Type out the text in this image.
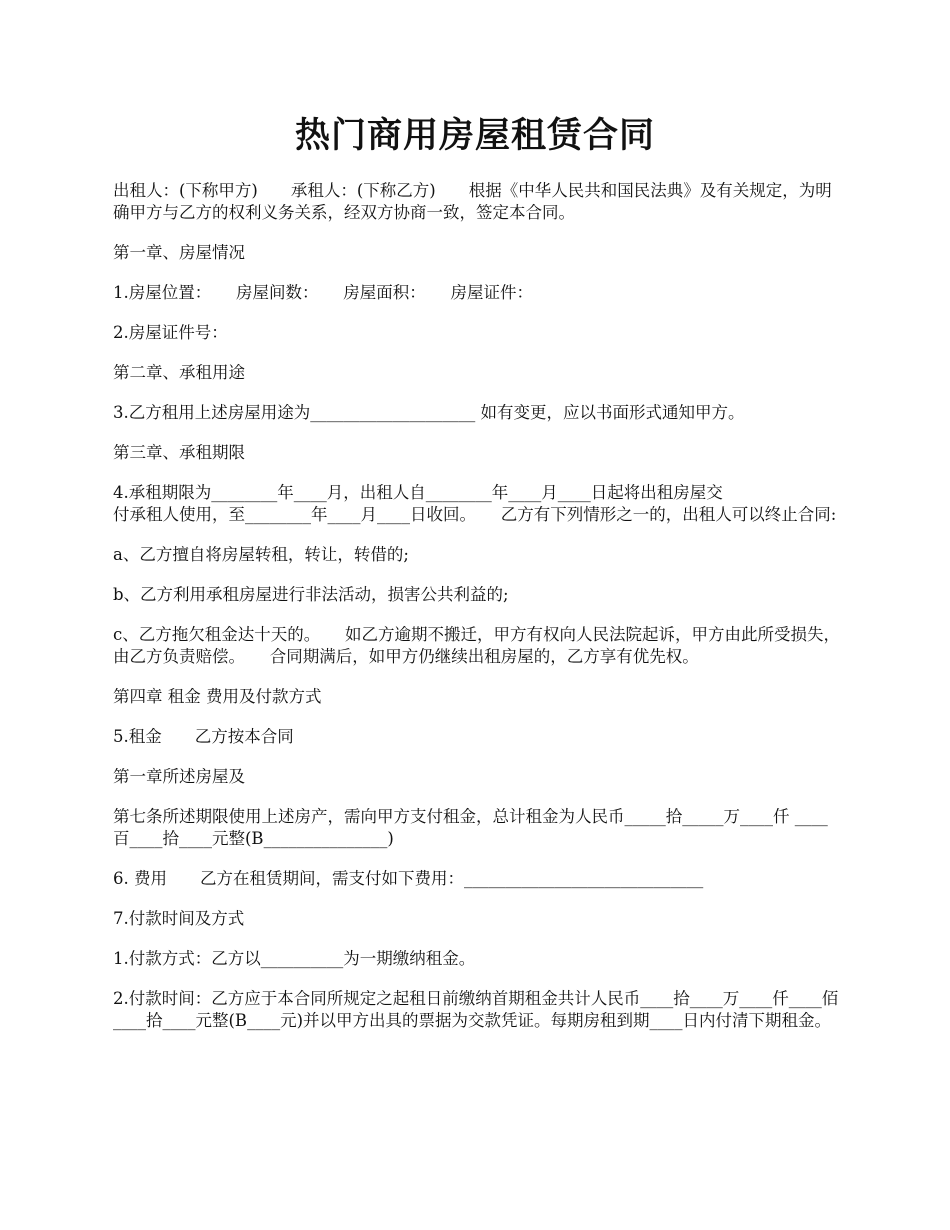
热门商用房屋租赁合同

出租人：(下称甲方)　　承租人：(下称乙方)　　根据《中华人民共和国民法典》及有关规定，为明确甲方与乙方的权利义务关系，经双方协商一致，签定本合同。

第一章、房屋情况

1.房屋位置：　　房屋间数：　　房屋面积：　　房屋证件：

2.房屋证件号：

第二章、承租用途

3.乙方租用上述房屋用途为____________________ 如有变更，应以书面形式通知甲方。

第三章、承租期限

4.承租期限为________年____月，出租人自________年____月____日起将出租房屋交
付承租人使用，至________年____月____日收回。　　乙方有下列情形之一的，出租人可以终止合同:

a、乙方擅自将房屋转租，转让，转借的;

b、乙方利用承租房屋进行非法活动，损害公共利益的;

c、乙方拖欠租金达十天的。　　如乙方逾期不搬迁，甲方有权向人民法院起诉，甲方由此所受损失，由乙方负责赔偿。　　合同期满后，如甲方仍继续出租房屋的，乙方享有优先权。

第四章 租金 费用及付款方式

5.租金　　乙方按本合同

第一章所述房屋及

第七条所述期限使用上述房产，需向甲方支付租金，总计租金为人民币_____拾_____万____仟 ____百____拾____元整(B_______________)

6. 费用　　乙方在租赁期间，需支付如下费用：_____________________________

7.付款时间及方式

1.付款方式：乙方以__________为一期缴纳租金。

2.付款时间：乙方应于本合同所规定之起租日前缴纳首期租金共计人民币____拾____万____仟____佰____拾____元整(B____元)并以甲方出具的票据为交款凭证。每期房租到期____日内付清下期租金。
